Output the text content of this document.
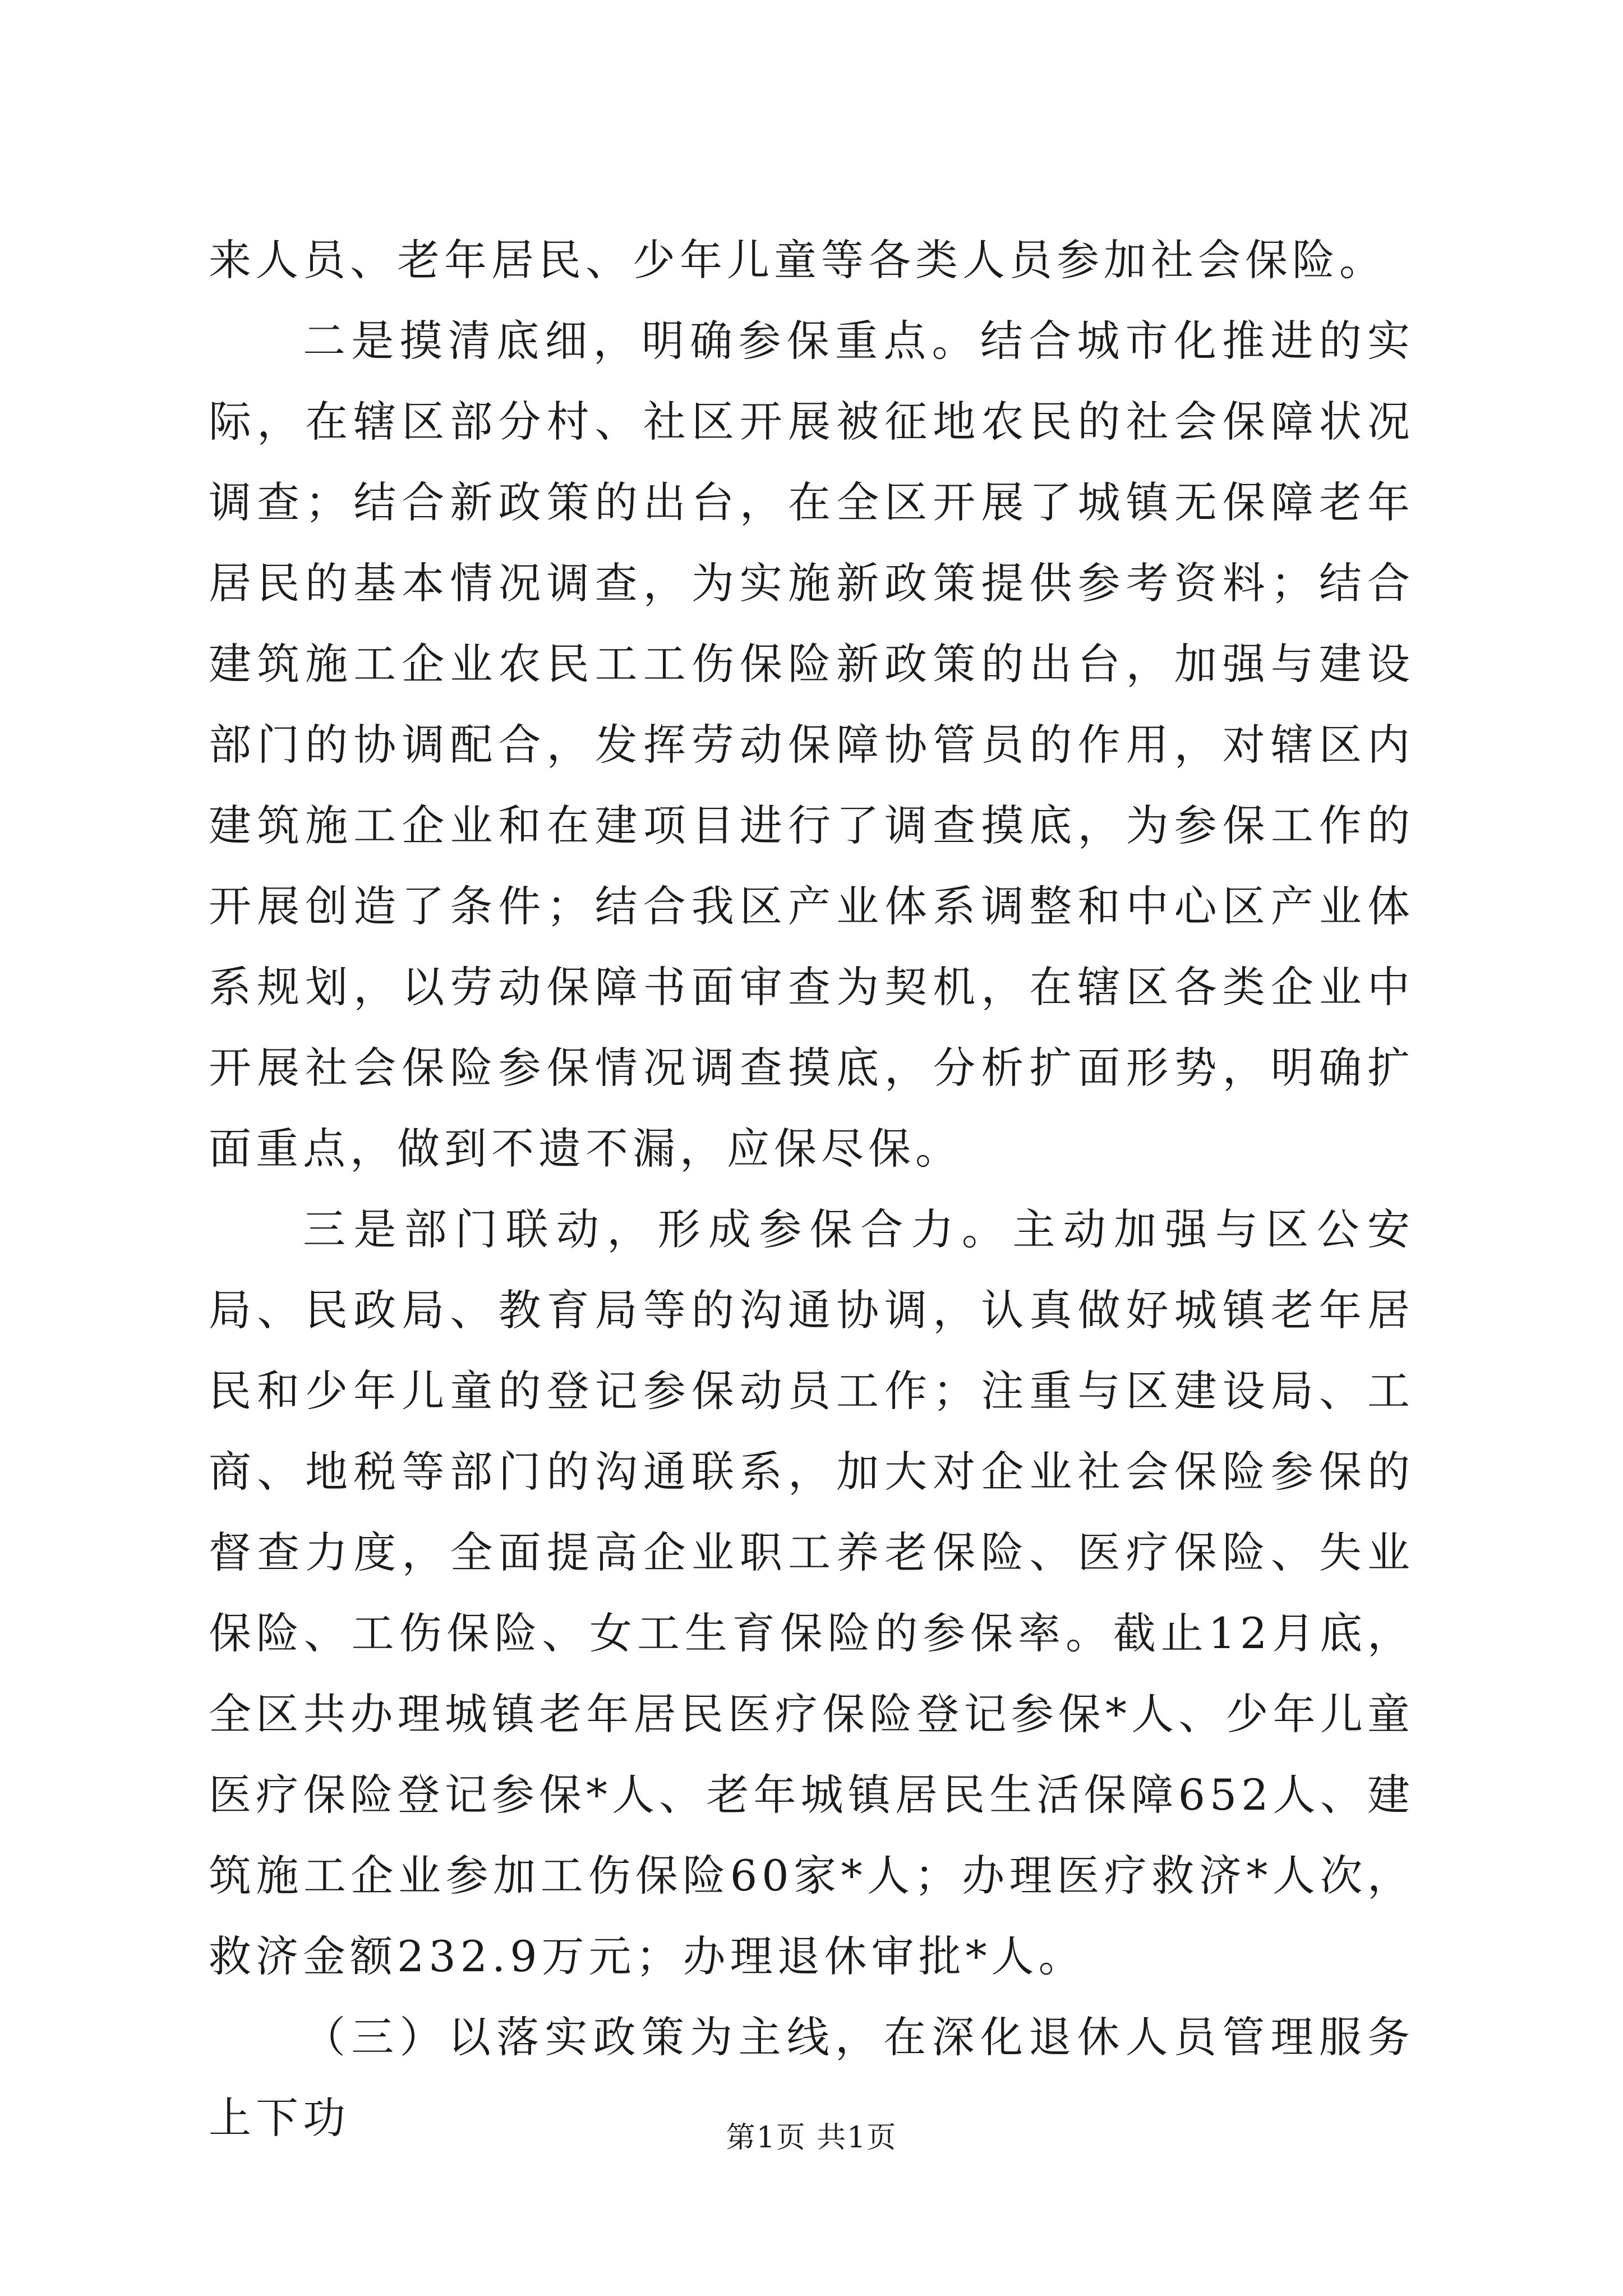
来人员、老年居民、少年儿童等各类人员参加社会保险。

二是摸清底细，明确参保重点。结合城市化推进的实际，在辖区部分村、社区开展被征地农民的社会保障状况调查；结合新政策的出台，在全区开展了城镇无保障老年居民的基本情况调查，为实施新政策提供参考资料；结合建筑施工企业农民工工伤保险新政策的出台，加强与建设部门的协调配合，发挥劳动保障协管员的作用，对辖区内建筑施工企业和在建项目进行了调查摸底，为参保工作的开展创造了条件；结合我区产业体系调整和中心区产业体系规划，以劳动保障书面审查为契机，在辖区各类企业中开展社会保险参保情况调查摸底，分析扩面形势，明确扩面重点，做到不遗不漏，应保尽保。

三是部门联动，形成参保合力。主动加强与区公安局、民政局、教育局等的沟通协调，认真做好城镇老年居民和少年儿童的登记参保动员工作；注重与区建设局、工商、地税等部门的沟通联系，加大对企业社会保险参保的督查力度，全面提高企业职工养老保险、医疗保险、失业保险、工伤保险、女工生育保险的参保率。截止12月底，全区共办理城镇老年居民医疗保险登记参保*人、少年儿童医疗保险登记参保*人、老年城镇居民生活保障652人、建筑施工企业参加工伤保险60家*人；办理医疗救济*人次，救济金额232.9万元；办理退休审批*人。

（三）以落实政策为主线，在深化退休人员管理服务上下功	第1页 共1页
